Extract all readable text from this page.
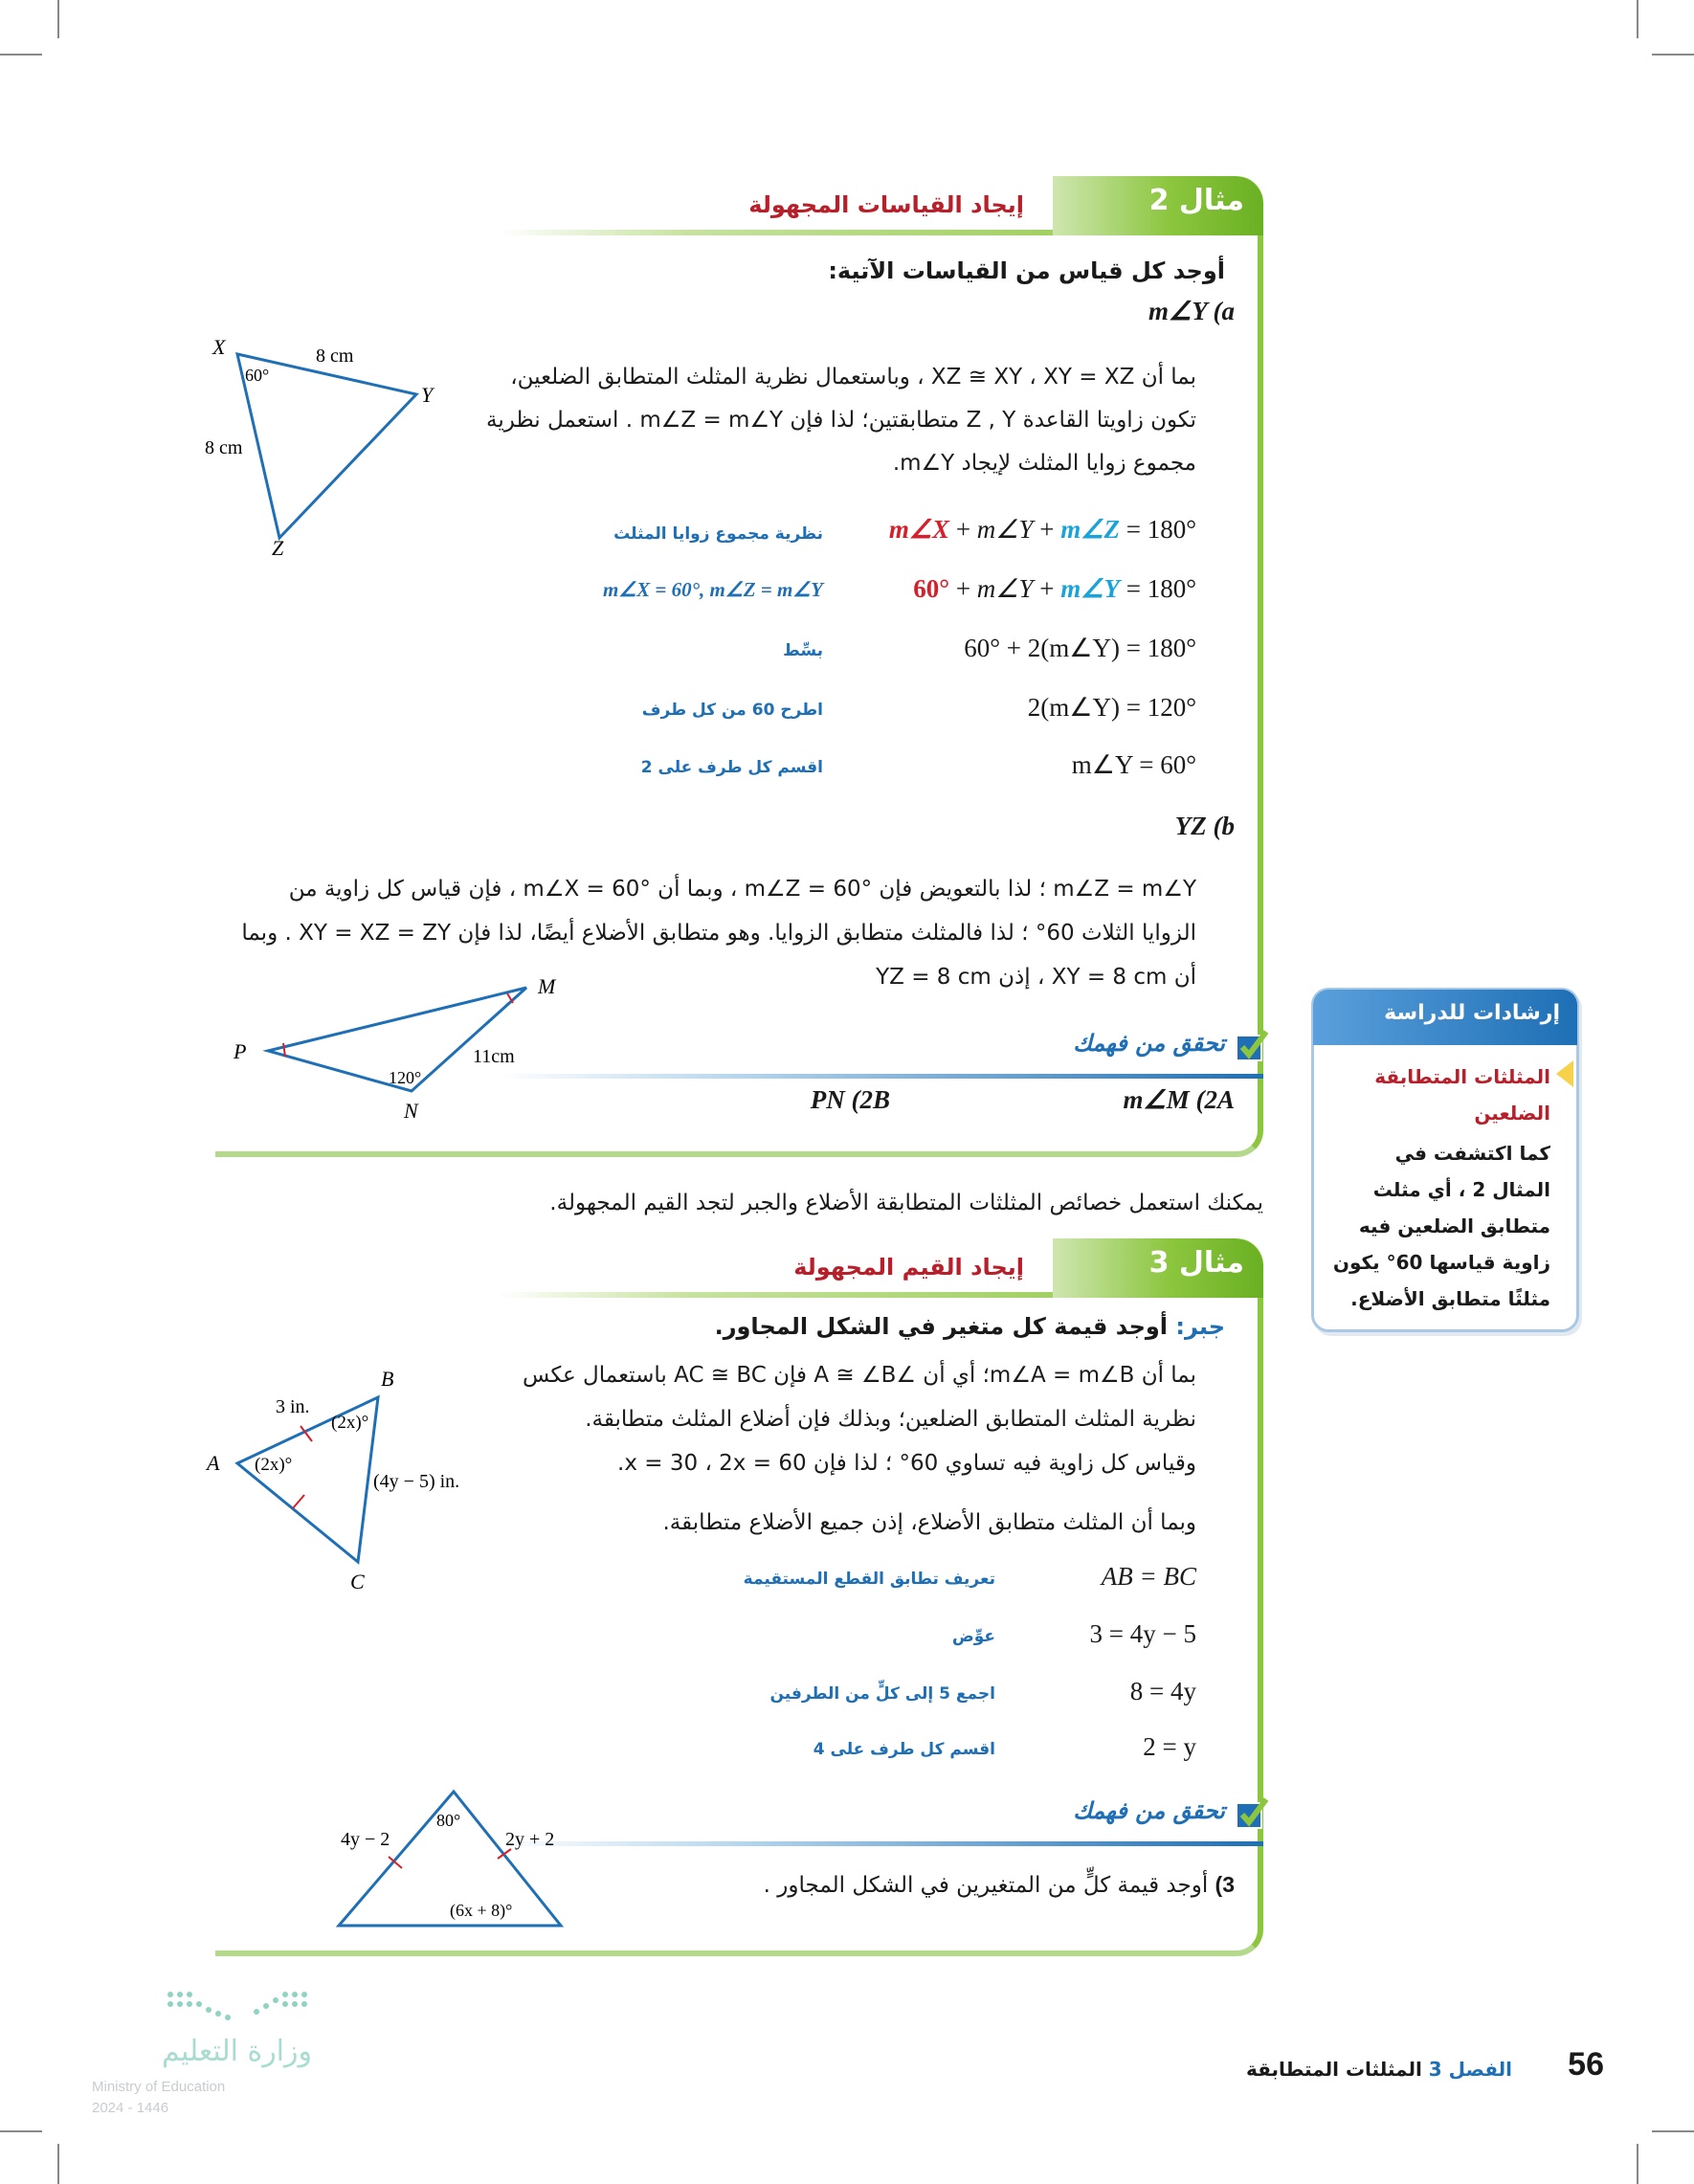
مثال 2
إيجاد القياسات المجهولة
أوجد كل قياس من القياسات الآتية:
m∠Y (a
بما أن XZ ≅ XY ، XY = XZ ، وباستعمال نظرية المثلث المتطابق الضلعين، تكون زاويتا القاعدة Z , Y متطابقتين؛ لذا فإن m∠Z = m∠Y . استعمل نظرية مجموع زوايا المثلث لإيجاد m∠Y.
m∠X + m∠Y + m∠Z = 180°
نظرية مجموع زوايا المثلث
60° + m∠Y + m∠Y = 180°
m∠X = 60°, m∠Z = m∠Y
60° + 2(m∠Y) = 180°
بسِّط
2(m∠Y) = 120°
اطرح 60 من كل طرف
m∠Y = 60°
اقسم كل طرف على 2
YZ (b
m∠Z = m∠Y ؛ لذا بالتعويض فإن m∠Z = 60° ، وبما أن m∠X = 60° ، فإن قياس كل زاوية من الزوايا الثلاث 60° ؛ لذا فالمثلث متطابق الزوايا. وهو متطابق الأضلاع أيضًا، لذا فإن XY = XZ = ZY . وبما أن XY = 8 cm ، إذن YZ = 8 cm
تحقق من فهمك
m∠M (2A
PN (2B
X
Y
Z
8 cm
8 cm
60°
P
M
N
11cm
120°
يمكنك استعمل خصائص المثلثات المتطابقة الأضلاع والجبر لتجد القيم المجهولة.
مثال 3
إيجاد القيم المجهولة
جبر: أوجد قيمة كل متغير في الشكل المجاور.
بما أن m∠A = m∠B؛ أي أن ∠A ≅ ∠B فإن AC ≅ BC باستعمال عكس نظرية المثلث المتطابق الضلعين؛ وبذلك فإن أضلاع المثلث متطابقة. وقياس كل زاوية فيه تساوي 60° ؛ لذا فإن x = 30 ، 2x = 60.
وبما أن المثلث متطابق الأضلاع، إذن جميع الأضلاع متطابقة.
AB = BC
تعريف تطابق القطع المستقيمة
3 = 4y − 5
عوِّض
8 = 4y
اجمع 5 إلى كلٍّ من الطرفين
2 = y
اقسم كل طرف على 4
تحقق من فهمك
3) أوجد قيمة كلٍّ من المتغيرين في الشكل المجاور .
A
B
C
3 in.
(4y − 5) in.
(2x)°
(2x)°
4y − 2	2y + 2
80°
(6x + 8)°
إرشادات للدراسة
المثلثات المتطابقة الضلعين
كما اكتشفت في المثال 2 ، أي مثلث متطابق الضلعين فيه زاوية قياسها 60° يكون مثلثًا متطابق الأضلاع.
وزارة التعليم
Ministry of Education
2024 - 1446
الفصل 3 المثلثات المتطابقة	56
